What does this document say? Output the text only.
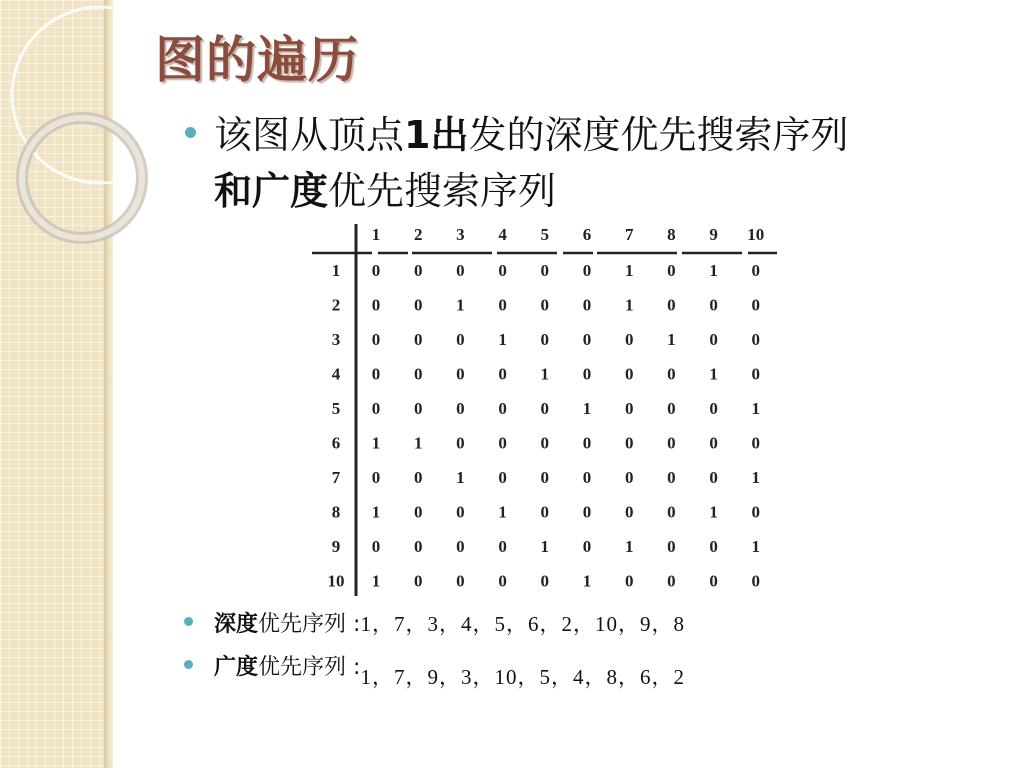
图的遍历
该图从顶点1出发的深度优先搜索序列
和广度优先搜索序列
1 2 3 4 5 6 7 8 9 10
1
2
3
4
5
6
7
8
9
10
0 0 0 0 0 0 1 0 1 0
0 0 1 0 0 0 1 0 0 0
0 0 0 1 0 0 0 1 0 0
0 0 0 0 1 0 0 0 1 0
0 0 0 0 0 1 0 0 0 1
1 1 0 0 0 0 0 0 0 0
0 0 1 0 0 0 0 0 0 1
1 0 0 1 0 0 0 0 1 0
0 0 0 0 1 0 1 0 0 1
1 0 0 0 0 1 0 0 0 0
深度优先序列 :1，7，3，4，5，6，2，10，9，8
广度优先序列 :1，7，9，3，10，5，4，8，6，2
